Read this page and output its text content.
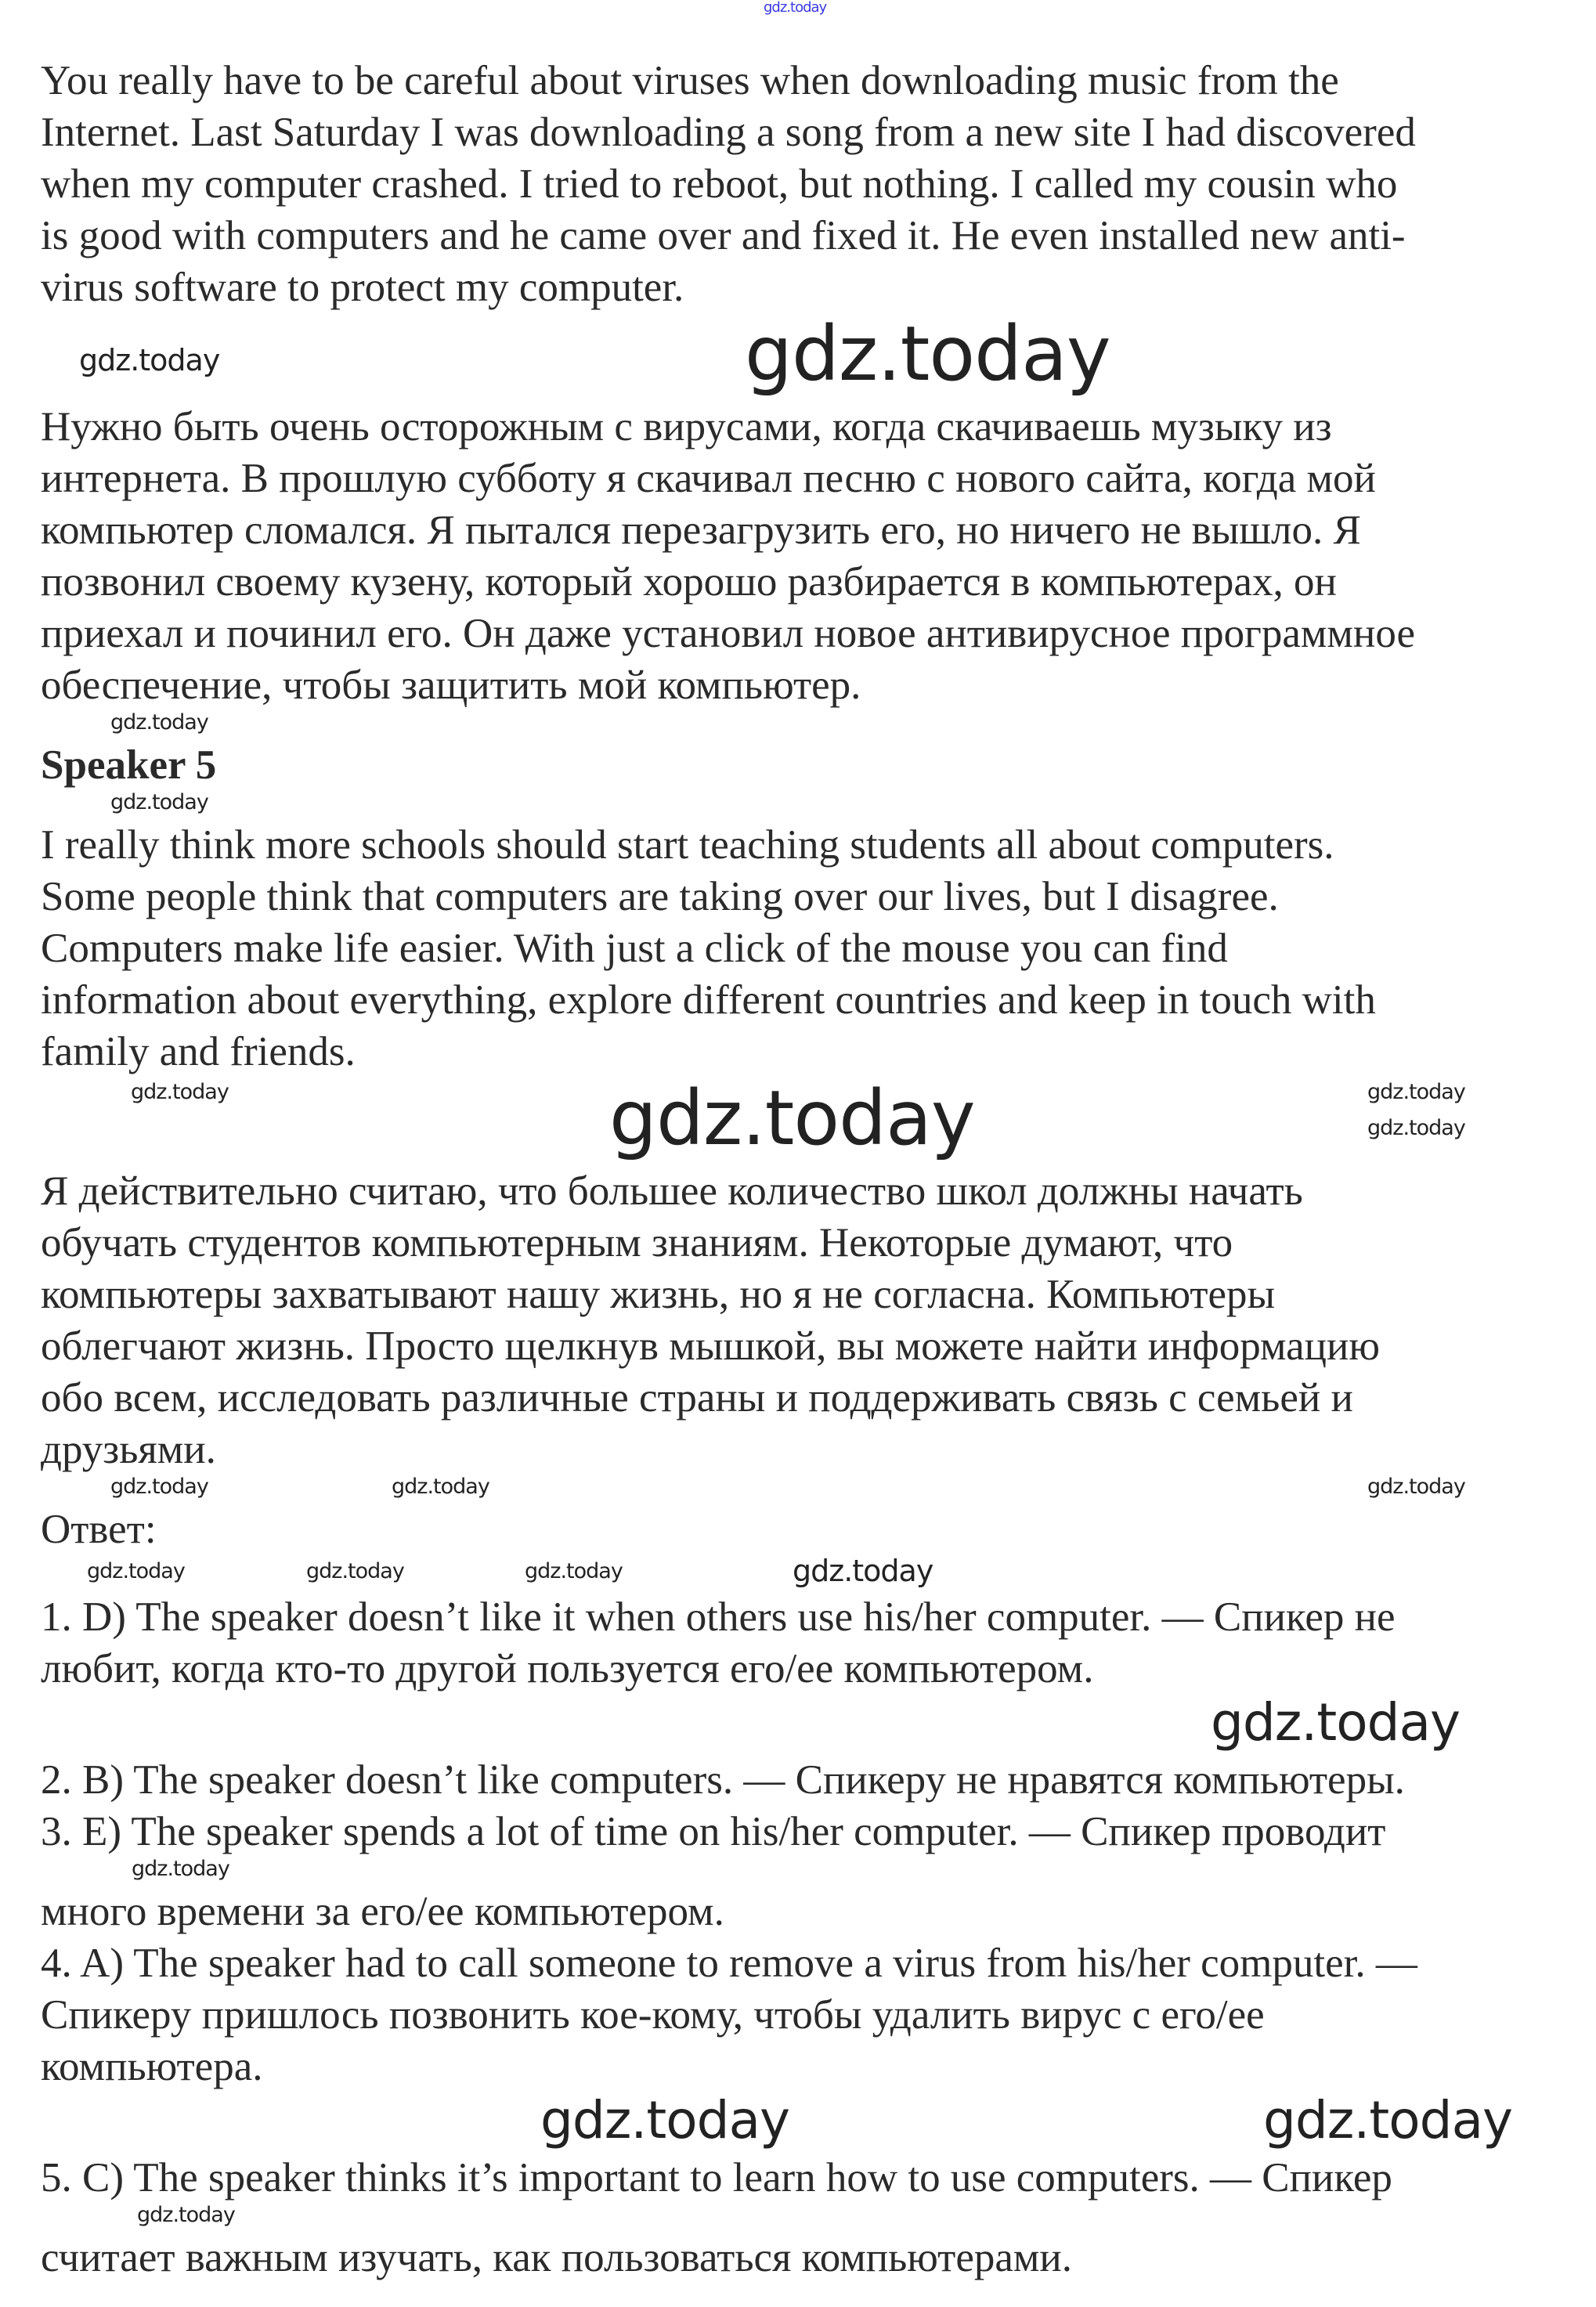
gdz.today
You really have to be careful about viruses when downloading music from the
Internet. Last Saturday I was downloading a song from a new site I had discovered
when my computer crashed. I tried to reboot, but nothing. I called my cousin who
is good with computers and he came over and fixed it. He even installed new anti-
virus software to protect my computer.
gdz.today	gdz.today
Нужно быть очень осторожным с вирусами, когда скачиваешь музыку из
интернета. В прошлую субботу я скачивал песню с нового сайта, когда мой
компьютер сломался. Я пытался перезагрузить его, но ничего не вышло. Я
позвонил своему кузену, который хорошо разбирается в компьютерах, он
приехал и починил его. Он даже установил новое антивирусное программное
обеспечение, чтобы защитить мой компьютер.
gdz.today
Speaker 5
gdz.today
I really think more schools should start teaching students all about computers.
Some people think that computers are taking over our lives, but I disagree.
Computers make life easier. With just a click of the mouse you can find
information about everything, explore different countries and keep in touch with
family and friends.
gdz.today	gdz.today	gdz.today
gdz.today
Я действительно считаю, что большее количество школ должны начать
обучать студентов компьютерным знаниям. Некоторые думают, что
компьютеры захватывают нашу жизнь, но я не согласна. Компьютеры
облегчают жизнь. Просто щелкнув мышкой, вы можете найти информацию
обо всем, исследовать различные страны и поддерживать связь с семьей и
друзьями.
gdz.today	gdz.today	gdz.today
Ответ:
gdz.today	gdz.today	gdz.today	gdz.today
1. D) The speaker doesn’t like it when others use his/her computer. — Спикер не
любит, когда кто-то другой пользуется его/ее компьютером.
gdz.today
2. B) The speaker doesn’t like computers. — Спикеру не нравятся компьютеры.
3. E) The speaker spends a lot of time on his/her computer. — Спикер проводит
gdz.today
много времени за его/ее компьютером.
4. A) The speaker had to call someone to remove a virus from his/her computer. —
Спикеру пришлось позвонить кое-кому, чтобы удалить вирус с его/ее
компьютера.
gdz.today	gdz.today
5. C) The speaker thinks it’s important to learn how to use computers. — Спикер
gdz.today
считает важным изучать, как пользоваться компьютерами.
